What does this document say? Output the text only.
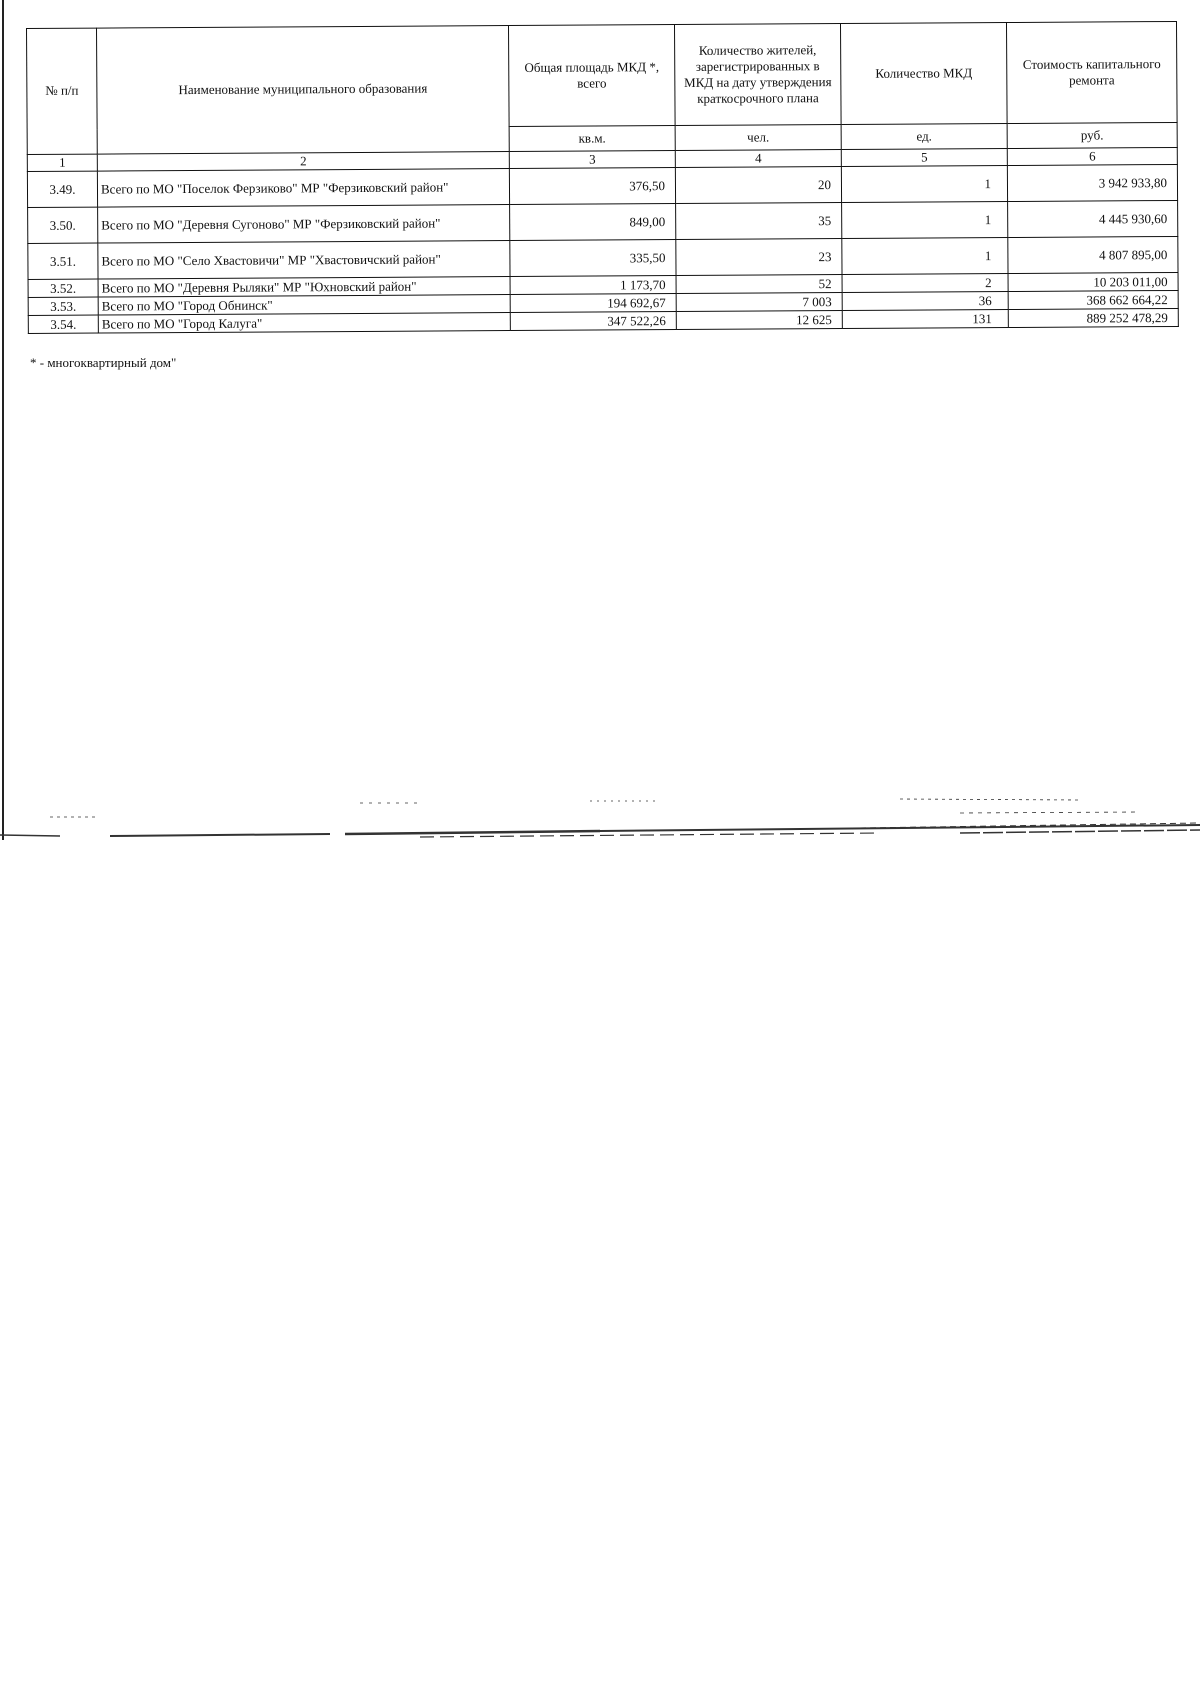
№ п/п	Наименование муниципального образования	Общая площадь МКД *, всего	Количество жителей, зарегистрированных в МКД на дату утверждения краткосрочного плана	Количество МКД	Стоимость капитального ремонта
		кв.м.	чел.	ед.	руб.
1	2	3	4	5	6
3.49.	Всего по МО "Поселок Ферзиково" МР "Ферзиковский район"	376,50	20	1	3 942 933,80
3.50.	Всего по МО "Деревня Сугоново" МР "Ферзиковский район"	849,00	35	1	4 445 930,60
3.51.	Всего по МО "Село Хвастовичи" МР "Хвастовичский район"	335,50	23	1	4 807 895,00
3.52.	Всего по МО "Деревня Рыляки" МР "Юхновский район"	1 173,70	52	2	10 203 011,00
3.53.	Всего по МО "Город Обнинск"	194 692,67	7 003	36	368 662 664,22
3.54.	Всего по МО "Город Калуга"	347 522,26	12 625	131	889 252 478,29
* - многоквартирный дом"
